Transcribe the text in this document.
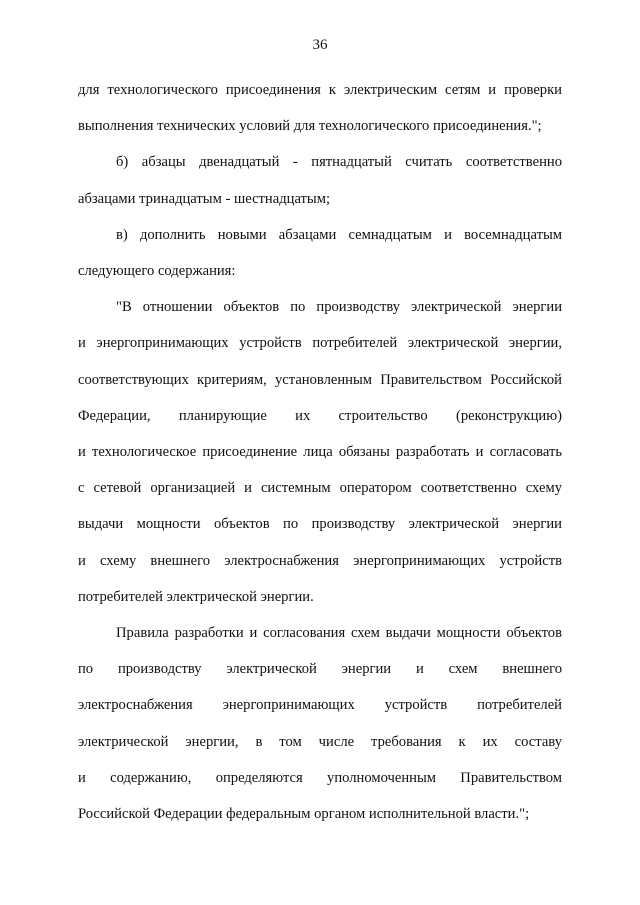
36
для технологического присоединения к электрическим сетям и проверки
выполнения технических условий для технологического присоединения.";
б) абзацы двенадцатый - пятнадцатый считать соответственно
абзацами тринадцатым - шестнадцатым;
в) дополнить новыми абзацами семнадцатым и восемнадцатым
следующего содержания:
"В отношении объектов по производству электрической энергии
и энергопринимающих устройств потребителей электрической энергии,
соответствующих критериям, установленным Правительством Российской
Федерации, планирующие их строительство (реконструкцию)
и технологическое присоединение лица обязаны разработать и согласовать
с сетевой организацией и системным оператором соответственно схему
выдачи мощности объектов по производству электрической энергии
и схему внешнего электроснабжения энергопринимающих устройств
потребителей электрической энергии.
Правила разработки и согласования схем выдачи мощности объектов
по производству электрической энергии и схем внешнего
электроснабжения энергопринимающих устройств потребителей
электрической энергии, в том числе требования к их составу
и содержанию, определяются уполномоченным Правительством
Российской Федерации федеральным органом исполнительной власти.";
